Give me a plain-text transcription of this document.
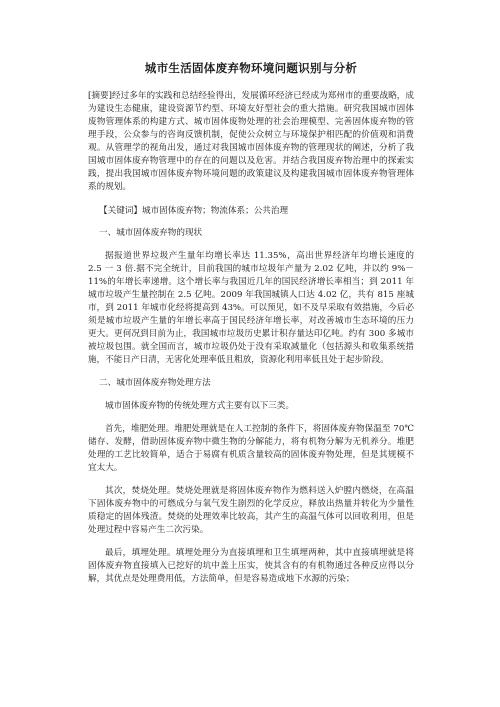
城市生活固体废弃物环境问题识别与分析

[摘要]经过多年的实践和总结经验得出，发展循环经济已经成为郑州市的重要战略，成为建设生态健康，建设资源节约型、环境友好型社会的重大措施。研究我国城市固体废物管理体系的构建方式、城市固体废物处理的社会治理模型、完善固体废弃物的管理手段，公众参与的咨询反馈机制，促使公众树立与环境保护相匹配的价值观和消费观。从管理学的视角出发，通过对我国城市固体废弃物的管理现状的阐述，分析了我国城市固体废弃物管理中的存在的问题以及危害。并结合我国废弃物治理中的探索实践，提出我国城市固体废弃物环境问题的政策建议及构建我国城市固体废弃物管理体系的规划。

【关键词】城市固体废弃物；物流体系；公共治理

一、城市固体废弃物的现状

据报道世界垃圾产生量年均增长率达 11.35%，高出世界经济年均增长速度的 2.5 一 3 倍.据不完全统计，目前我国的城市垃圾年产量为 2.02 亿吨，并以约 9%－11%的年增长率递增。这个增长率与我国近几年的国民经济增长率相当；到 2011 年城市垃圾产生量控制在 2.5 亿吨。2009 年我国城镇人口达 4.02 亿，共有 815 座城市，到 2011 年城市化经将提高到 43%。可以预见，如不及早采取有效措施，今后必须是城市垃圾产生量的年增长率高于国民经济年增长率，对改善城市生态环境的压力更大。更何况到目前为止，我国城市垃圾历史累计积存量达印亿吨。约有 300 多城市被垃圾包围。就全国而言，城市垃圾仍处于没有采取减量化（包括源头和收集系统措施，不能日产日清，无害化处理率低且粗放，资源化利用率低且处于起步阶段。

二、城市固体废弃物处理方法

城市固体废弃物的传统处理方式主要有以下三类。

首先，堆肥处理。堆肥处理就是在人工控制的条件下，将固体废弃物保温至 70℃储存、发酵，借助固体废弃物中微生物的分解能力，将有机物分解为无机养分。堆肥处理的工艺比较简单，适合于易腐有机质含量较高的固体废弃物处理，但是其规模不宜太大。

其次，焚烧处理。焚烧处理就是将固体废弃物作为燃料送入炉膛内燃烧，在高温下固体废弃物中的可燃成分与氧气发生剧烈的化学反应，释放出热量并转化为少量性质稳定的固体残渣。焚烧的处理效率比较高，其产生的高温气体可以回收利用，但是处理过程中容易产生二次污染。

最后，填埋处理。填埋处理分为直接填埋和卫生填埋两种，其中直接填埋就是将固体废弃物直接填入已挖好的坑中盖上压实，使其含有的有机物通过各种反应得以分解，其优点是处理费用低，方法简单，但是容易造成地下水源的污染；
